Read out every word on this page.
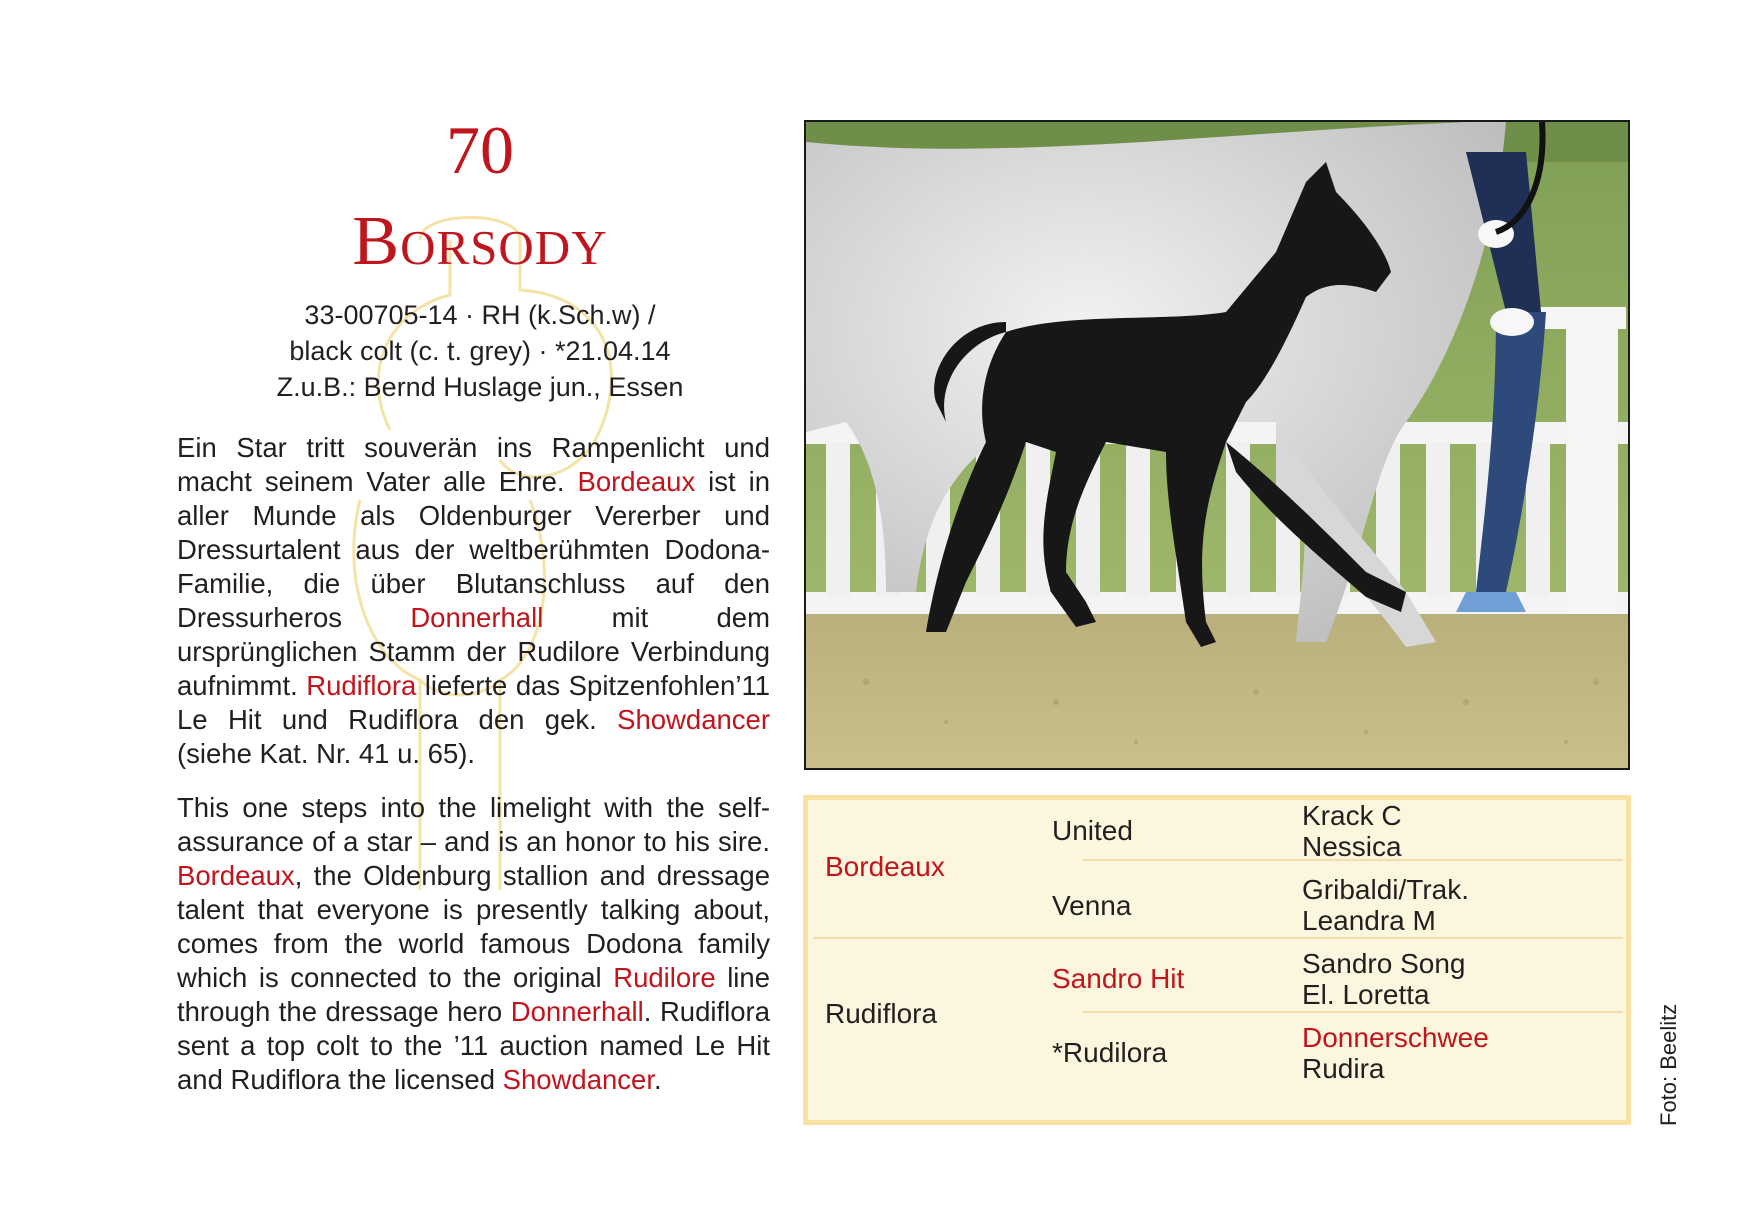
70
Borsody
33-00705-14 · RH (k.Sch.w) /
black colt (c. t. grey) · *21.04.14
Z.u.B.: Bernd Huslage jun., Essen

Ein Star tritt souverän ins Rampenlicht und macht seinem Vater alle Ehre. Bordeaux ist in aller Munde als Oldenburger Vererber und Dressurtalent aus der weltberühmten Dodona-Familie, die über Blutanschluss auf den Dressurheros Donnerhall mit dem ursprünglichen Stamm der Rudilore Verbindung aufnimmt. Rudiflora lieferte das Spitzenfohlen’11 Le Hit und Rudiflora den gek. Showdancer (siehe Kat. Nr. 41 u. 65).

This one steps into the limelight with the self-assurance of a star – and is an honor to his sire. Bordeaux, the Oldenburg stallion and dressage talent that everyone is presently talking about, comes from the world famous Dodona family which is connected to the original Rudilore line through the dressage hero Donnerhall. Rudiflora sent a top colt to the ’11 auction named Le Hit and Rudiflora the licensed Showdancer.

Bordeaux
Rudiflora
United
Venna
Sandro Hit
*Rudilora
Krack C
Nessica
Gribaldi/Trak.
Leandra M
Sandro Song
El. Loretta
Donnerschwee
Rudira	Foto: Beelitz
